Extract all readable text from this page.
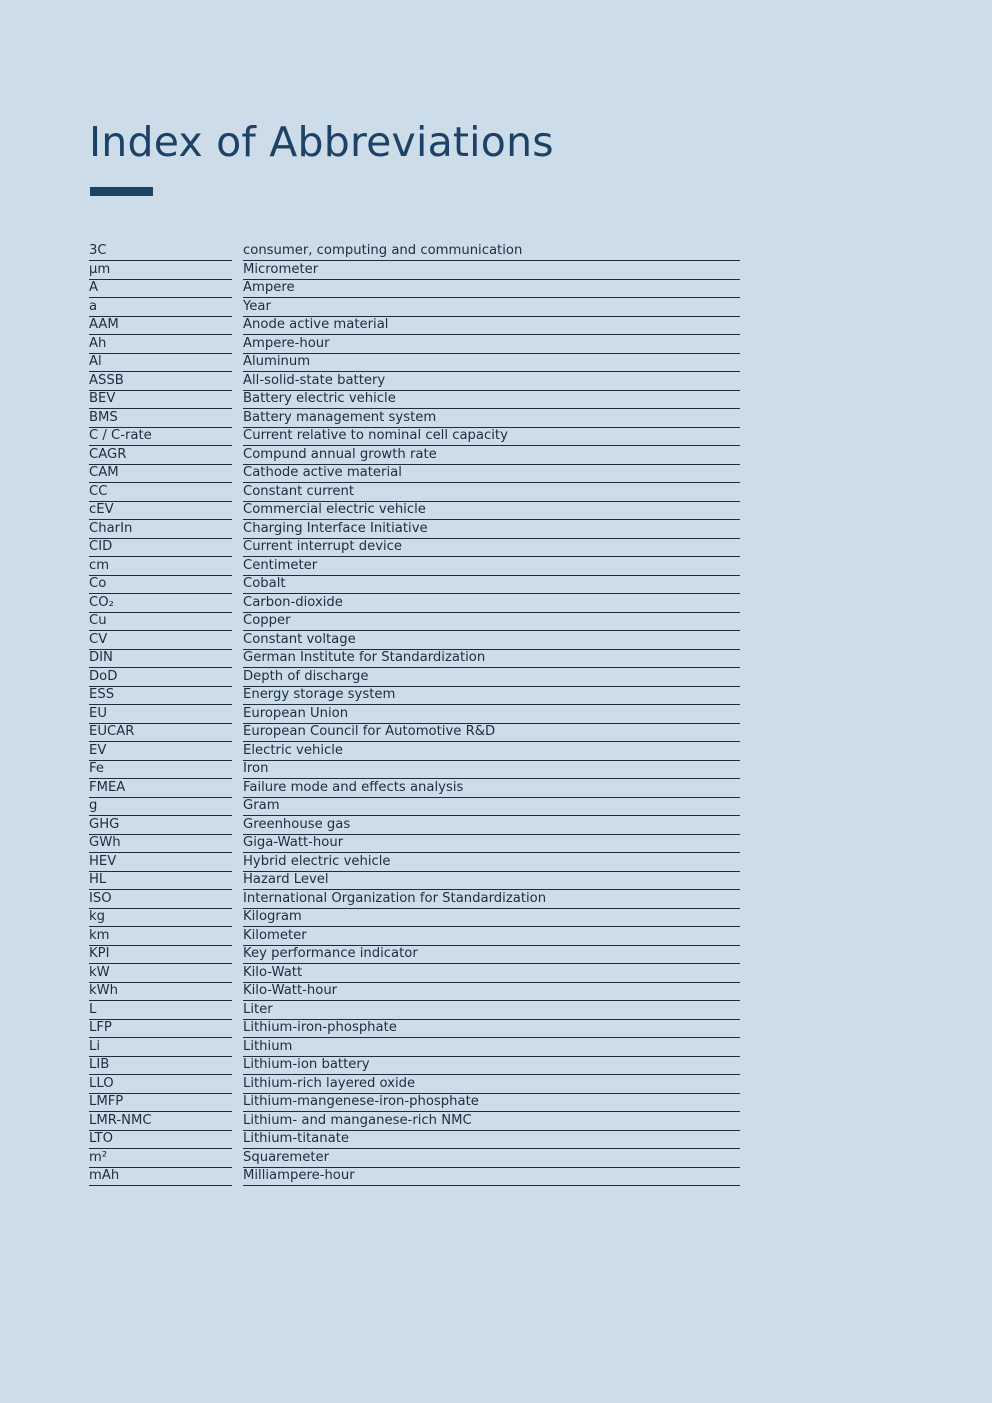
Index of Abbreviations
3C	consumer, computing and communication
µm	Micrometer
A	Ampere
a	Year
AAM	Anode active material
Ah	Ampere-hour
Al	Aluminum
ASSB	All-solid-state battery
BEV	Battery electric vehicle
BMS	Battery management system
C / C-rate	Current relative to nominal cell capacity
CAGR	Compund annual growth rate
CAM	Cathode active material
CC	Constant current
cEV	Commercial electric vehicle
CharIn	Charging Interface Initiative
CID	Current interrupt device
cm	Centimeter
Co	Cobalt
CO₂	Carbon-dioxide
Cu	Copper
CV	Constant voltage
DIN	German Institute for Standardization
DoD	Depth of discharge
ESS	Energy storage system
EU	European Union
EUCAR	European Council for Automotive R&D
EV	Electric vehicle
Fe	Iron
FMEA	Failure mode and effects analysis
g	Gram
GHG	Greenhouse gas
GWh	Giga-Watt-hour
HEV	Hybrid electric vehicle
HL	Hazard Level
ISO	International Organization for Standardization
kg	Kilogram
km	Kilometer
KPI	Key performance indicator
kW	Kilo-Watt
kWh	Kilo-Watt-hour
L	Liter
LFP	Lithium-iron-phosphate
Li	Lithium
LIB	Lithium-ion battery
LLO	Lithium-rich layered oxide
LMFP	Lithium-mangenese-iron-phosphate
LMR-NMC	Lithium- and manganese-rich NMC
LTO	Lithium-titanate
m²	Squaremeter
mAh	Milliampere-hour
